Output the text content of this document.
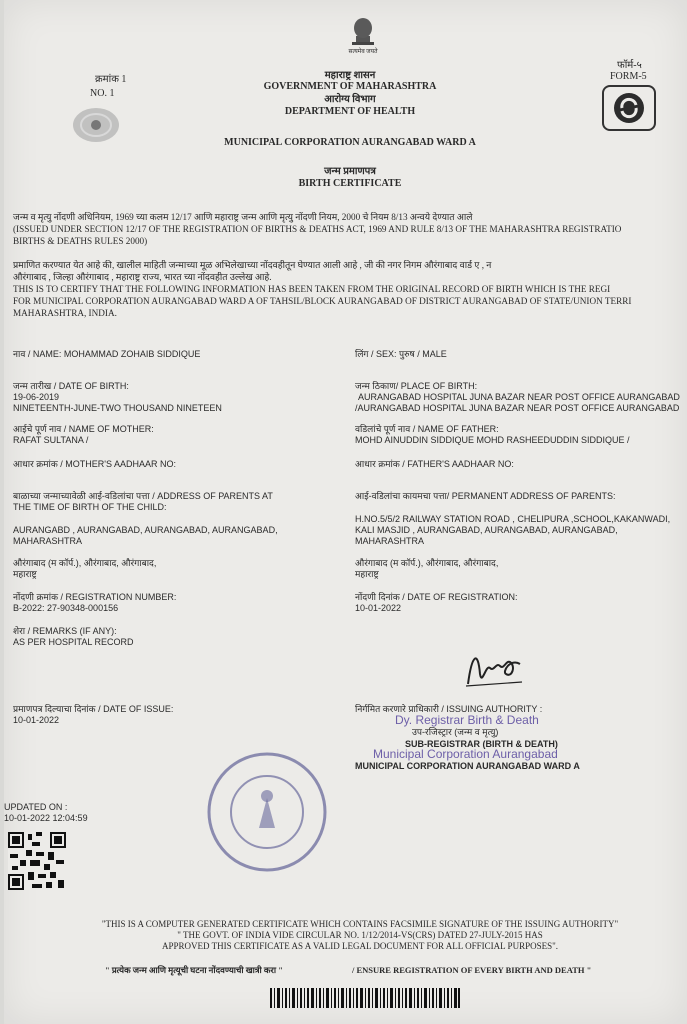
सत्यमेव जयते
फॉर्म-५
FORM-5
क्रमांक 1
NO. 1
महाराष्ट्र शासन
GOVERNMENT OF MAHARASHTRA
आरोग्य विभाग
DEPARTMENT OF HEALTH
MUNICIPAL CORPORATION AURANGABAD WARD A
जन्म प्रमाणपत्र
BIRTH CERTIFICATE
जन्म व मृत्यु नोंदणी अधिनियम, 1969 च्या कलम 12/17 आणि महाराष्ट्र जन्म आणि मृत्यु नोंदणी नियम, 2000 चे नियम 8/13 अन्वये देण्यात आले
(ISSUED UNDER SECTION 12/17 OF THE REGISTRATION OF BIRTHS & DEATHS ACT, 1969 AND RULE 8/13 OF THE MAHARASHTRA REGISTRATIO
BIRTHS & DEATHS RULES 2000)
प्रमाणित करण्यात येत आहे की, खालील माहिती जन्माच्या मूळ अभिलेखाच्या नोंदवहीतून घेण्यात आली आहे , जी की नगर निगम औरंगाबाद वार्ड ए , न
औरंगाबाद , जिल्हा औरंगाबाद , महाराष्ट्र राज्य, भारत च्या नोंदवहीत उल्लेख आहे.
THIS IS TO CERTIFY THAT THE FOLLOWING INFORMATION HAS BEEN TAKEN FROM THE ORIGINAL RECORD OF BIRTH WHICH IS THE REGI
FOR MUNICIPAL CORPORATION AURANGABAD WARD A OF TAHSIL/BLOCK AURANGABAD OF DISTRICT AURANGABAD OF STATE/UNION TERRI
MAHARASHTRA, INDIA.
नाव / NAME: MOHAMMAD ZOHAIB SIDDIQUE	लिंग / SEX: पुरुष / MALE
जन्म तारीख / DATE OF BIRTH:
19-06-2019
NINETEENTH-JUNE-TWO THOUSAND NINETEEN
जन्म ठिकाण/ PLACE OF BIRTH:
AURANGABAD HOSPITAL JUNA BAZAR NEAR POST OFFICE AURANGABAD
/AURANGABAD HOSPITAL JUNA BAZAR NEAR POST OFFICE AURANGABAD
आईचे पूर्ण नाव / NAME OF MOTHER:
RAFAT SULTANA /
वडिलांचे पूर्ण नाव / NAME OF FATHER:
MOHD AINUDDIN SIDDIQUE MOHD RASHEEDUDDIN SIDDIQUE /
आधार क्रमांक / MOTHER'S AADHAAR NO:	आधार क्रमांक / FATHER'S AADHAAR NO:
बाळाच्या जन्माच्यावेळी आई-वडिलांचा पत्ता / ADDRESS OF PARENTS AT
THE TIME OF BIRTH OF THE CHILD:
AURANGABD , AURANGABAD, AURANGABAD, AURANGABAD,
MAHARASHTRA
औरंगाबाद (म कॉर्प.), औरंगाबाद, औरंगाबाद,
महाराष्ट्र
आई-वडिलांचा कायमचा पत्ता/ PERMANENT ADDRESS OF PARENTS:
H.NO.5/5/2 RAILWAY STATION ROAD , CHELIPURA ,SCHOOL,KAKANWADI,
KALI MASJID , AURANGABAD, AURANGABAD, AURANGABAD,
MAHARASHTRA
औरंगाबाद (म कॉर्प.), औरंगाबाद, औरंगाबाद,
महाराष्ट्र
नोंदणी क्रमांक / REGISTRATION NUMBER:
B-2022: 27-90348-000156
नोंदणी दिनांक / DATE OF REGISTRATION:
10-01-2022
शेरा / REMARKS (IF ANY):
AS PER HOSPITAL RECORD
प्रमाणपत्र दिल्याचा दिनांक / DATE OF ISSUE:
10-01-2022
निर्गमित करणारे प्राधिकारी / ISSUING AUTHORITY :
Dy. Registrar Birth & Death
उप-रजिस्ट्रार (जन्म व मृत्यु)
SUB-REGISTRAR (BIRTH & DEATH)
Municipal Corporation Aurangabad
MUNICIPAL CORPORATION AURANGABAD WARD A
UPDATED ON :
10-01-2022 12:04:59
"THIS IS A COMPUTER GENERATED CERTIFICATE WHICH CONTAINS FACSIMILE SIGNATURE OF THE ISSUING AUTHORITY"
" THE GOVT. OF INDIA VIDE CIRCULAR NO. 1/12/2014-VS(CRS) DATED 27-JULY-2015 HAS
APPROVED THIS CERTIFICATE AS A VALID LEGAL DOCUMENT FOR ALL OFFICIAL PURPOSES".
" प्रत्येक जन्म आणि मृत्यूची घटना नोंदवण्याची खात्री करा "	/ ENSURE REGISTRATION OF EVERY BIRTH AND DEATH "
